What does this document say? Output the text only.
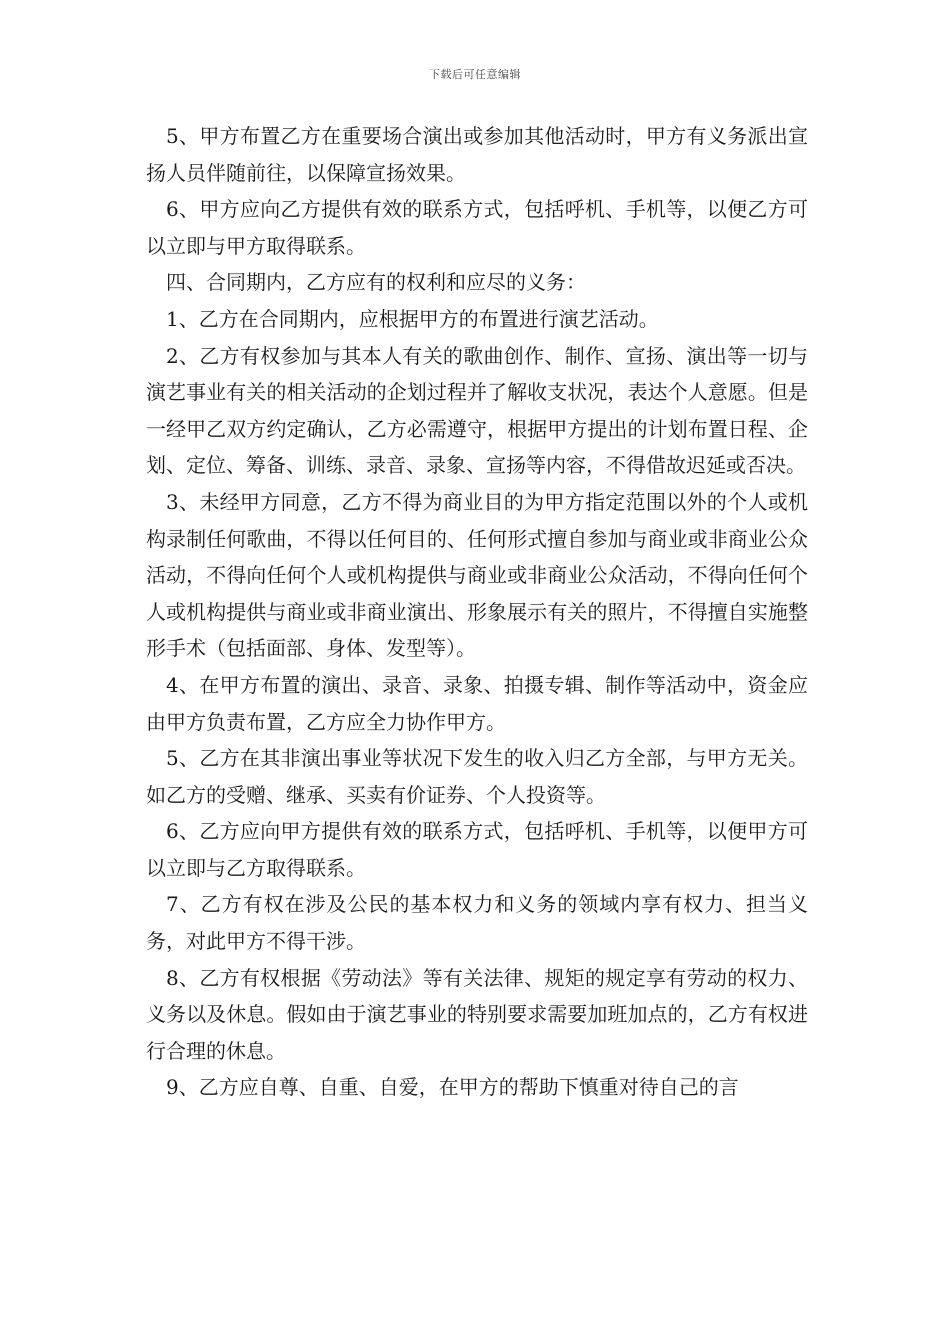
下载后可任意编辑

5、甲方布置乙方在重要场合演出或参加其他活动时，甲方有义务派出宣扬人员伴随前往，以保障宣扬效果。

6、甲方应向乙方提供有效的联系方式，包括呼机、手机等，以便乙方可以立即与甲方取得联系。

四、合同期内，乙方应有的权利和应尽的义务：

1、乙方在合同期内，应根据甲方的布置进行演艺活动。

2、乙方有权参加与其本人有关的歌曲创作、制作、宣扬、演出等一切与演艺事业有关的相关活动的企划过程并了解收支状况，表达个人意愿。但是一经甲乙双方约定确认，乙方必需遵守，根据甲方提出的计划布置日程、企划、定位、筹备、训练、录音、录象、宣扬等内容，不得借故迟延或否决。

3、未经甲方同意，乙方不得为商业目的为甲方指定范围以外的个人或机构录制任何歌曲，不得以任何目的、任何形式擅自参加与商业或非商业公众活动，不得向任何个人或机构提供与商业或非商业公众活动，不得向任何个人或机构提供与商业或非商业演出、形象展示有关的照片，不得擅自实施整形手术（包括面部、身体、发型等）。

4、在甲方布置的演出、录音、录象、拍摄专辑、制作等活动中，资金应由甲方负责布置，乙方应全力协作甲方。

5、乙方在其非演出事业等状况下发生的收入归乙方全部，与甲方无关。如乙方的受赠、继承、买卖有价证券、个人投资等。

6、乙方应向甲方提供有效的联系方式，包括呼机、手机等，以便甲方可以立即与乙方取得联系。

7、乙方有权在涉及公民的基本权力和义务的领域内享有权力、担当义务，对此甲方不得干涉。

8、乙方有权根据《劳动法》等有关法律、规矩的规定享有劳动的权力、义务以及休息。假如由于演艺事业的特别要求需要加班加点的，乙方有权进行合理的休息。

9、乙方应自尊、自重、自爱，在甲方的帮助下慎重对待自己的言
